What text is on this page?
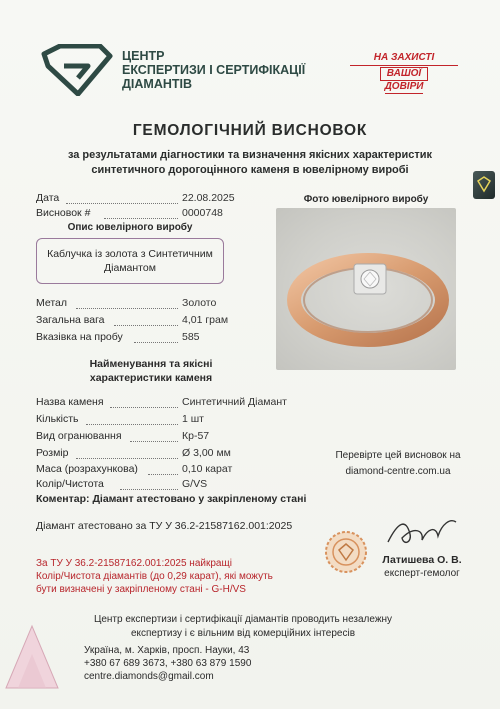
ЦЕНТР
ЕКСПЕРТИЗИ І СЕРТИФІКАЦІЇ
ДІАМАНТІВ
НА ЗАХИСТІ
ВАШОЇ
ДОВІРИ
ГЕМОЛОГІЧНИЙ ВИСНОВОК
за результатами діагностики та визначення якісних характеристик
синтетичного дорогоцінного каменя в ювелірному виробі
Дата	22.08.2025
Висновок #	0000748
Опис ювелірного виробу
Каблучка із золота з Синтетичним Діамантом
Фото ювелірного виробу
Метал	Золото
Загальна вага	4,01 грам
Вказівка на пробу	585
Найменування та якісні
характеристики каменя
Назва каменя	Синтетичний Діамант
Кількість	1 шт
Вид огранювання	Кр-57
Розмір	Ø 3,00 мм
Маса (розрахункова)	0,10 карат
Колір/Чистота	G/VS
Коментар: Діамант атестовано у закріпленому стані
Перевірте цей висновок на
diamond-centre.com.ua
Діамант атестовано за ТУ У 36.2-21587162.001:2025
За ТУ У 36.2-21587162.001:2025 найкращі
Колір/Чистота діамантів (до 0,29 карат), які можуть
бути визначені у закріпленому стані - G-H/VS
Латишева О. В.
експерт-гемолог
Центр експертизи і сертифікації діамантів проводить незалежну
експертизу і є вільним від комерційних інтересів
Україна, м. Харків, просп. Науки, 43
+380 67 689 3673, +380 63 879 1590
centre.diamonds@gmail.com
